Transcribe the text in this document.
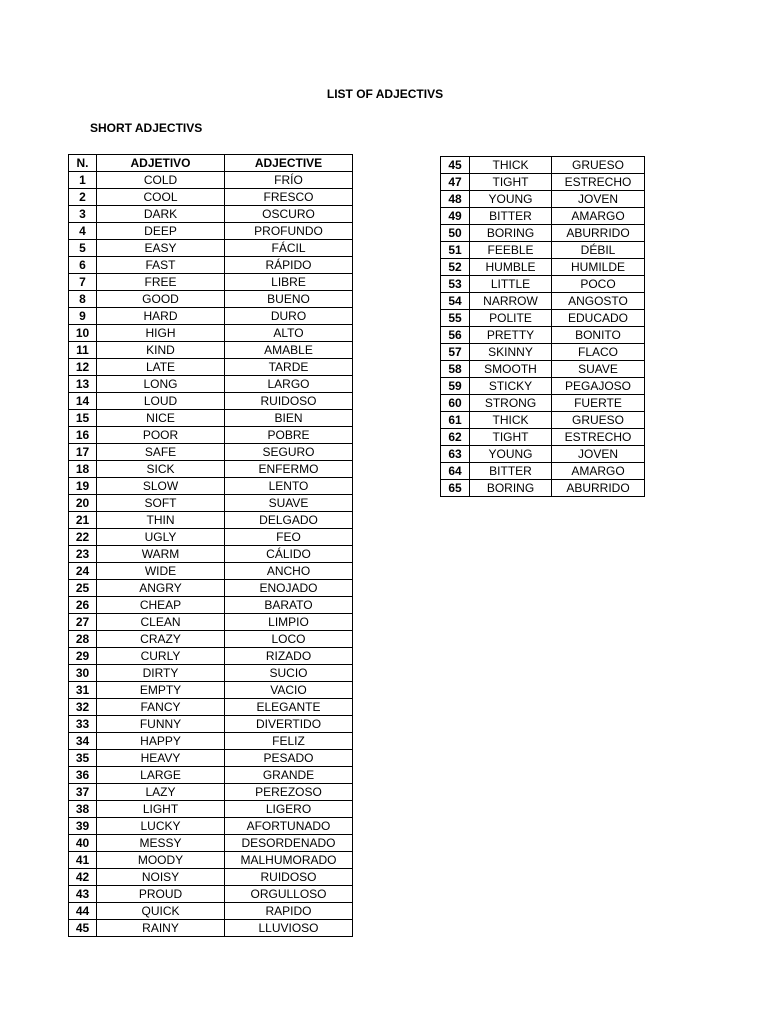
LIST OF ADJECTIVS
SHORT ADJECTIVS
N.	ADJETIVO	ADJECTIVE
1	COLD	FRÍO
2	COOL	FRESCO
3	DARK	OSCURO
4	DEEP	PROFUNDO
5	EASY	FÁCIL
6	FAST	RÁPIDO
7	FREE	LIBRE
8	GOOD	BUENO
9	HARD	DURO
10	HIGH	ALTO
11	KIND	AMABLE
12	LATE	TARDE
13	LONG	LARGO
14	LOUD	RUIDOSO
15	NICE	BIEN
16	POOR	POBRE
17	SAFE	SEGURO
18	SICK	ENFERMO
19	SLOW	LENTO
20	SOFT	SUAVE
21	THIN	DELGADO
22	UGLY	FEO
23	WARM	CÁLIDO
24	WIDE	ANCHO
25	ANGRY	ENOJADO
26	CHEAP	BARATO
27	CLEAN	LIMPIO
28	CRAZY	LOCO
29	CURLY	RIZADO
30	DIRTY	SUCIO
31	EMPTY	VACIO
32	FANCY	ELEGANTE
33	FUNNY	DIVERTIDO
34	HAPPY	FELIZ
35	HEAVY	PESADO
36	LARGE	GRANDE
37	LAZY	PEREZOSO
38	LIGHT	LIGERO
39	LUCKY	AFORTUNADO
40	MESSY	DESORDENADO
41	MOODY	MALHUMORADO
42	NOISY	RUIDOSO
43	PROUD	ORGULLOSO
44	QUICK	RAPIDO
45	RAINY	LLUVIOSO
45	THICK	GRUESO
47	TIGHT	ESTRECHO
48	YOUNG	JOVEN
49	BITTER	AMARGO
50	BORING	ABURRIDO
51	FEEBLE	DÉBIL
52	HUMBLE	HUMILDE
53	LITTLE	POCO
54	NARROW	ANGOSTO
55	POLITE	EDUCADO
56	PRETTY	BONITO
57	SKINNY	FLACO
58	SMOOTH	SUAVE
59	STICKY	PEGAJOSO
60	STRONG	FUERTE
61	THICK	GRUESO
62	TIGHT	ESTRECHO
63	YOUNG	JOVEN
64	BITTER	AMARGO
65	BORING	ABURRIDO
